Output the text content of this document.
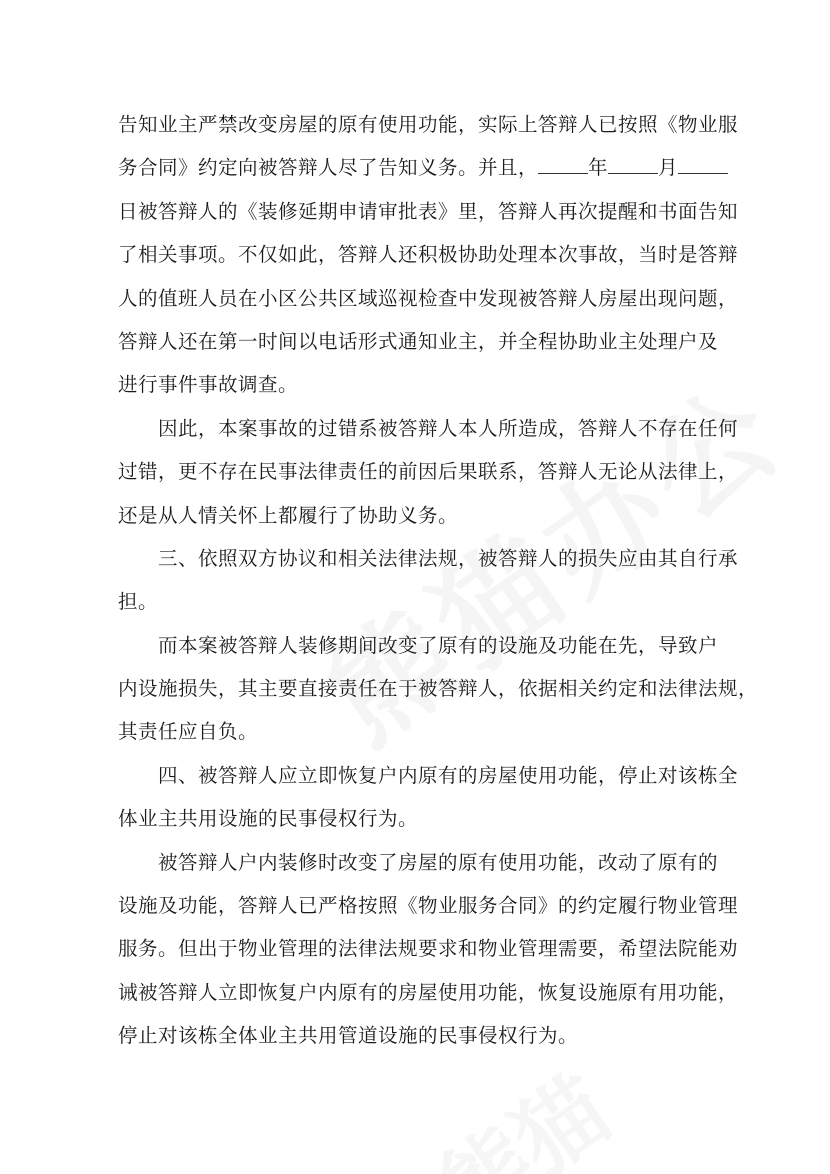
告知业主严禁改变房屋的原有使用功能，实际上答辩人已按照《物业服
务合同》约定向被答辩人尽了告知义务。并且，	年	月
日被答辩人的《装修延期申请审批表》里，答辩人再次提醒和书面告知
了相关事项。不仅如此，答辩人还积极协助处理本次事故，当时是答辩
人的值班人员在小区公共区域巡视检查中发现被答辩人房屋出现问题，
答辩人还在第一时间以电话形式通知业主，并全程协助业主处理户及
进行事件事故调查。
因此，本案事故的过错系被答辩人本人所造成，答辩人不存在任何
过错，更不存在民事法律责任的前因后果联系，答辩人无论从法律上，
还是从人情关怀上都履行了协助义务。
三、依照双方协议和相关法律法规，被答辩人的损失应由其自行承
担。
而本案被答辩人装修期间改变了原有的设施及功能在先，导致户
内设施损失，其主要直接责任在于被答辩人，依据相关约定和法律法规，
其责任应自负。
四、被答辩人应立即恢复户内原有的房屋使用功能，停止对该栋全
体业主共用设施的民事侵权行为。
被答辩人户内装修时改变了房屋的原有使用功能，改动了原有的
设施及功能，答辩人已严格按照《物业服务合同》的约定履行物业管理
服务。但出于物业管理的法律法规要求和物业管理需要，希望法院能劝
诫被答辩人立即恢复户内原有的房屋使用功能，恢复设施原有用功能，
停止对该栋全体业主共用管道设施的民事侵权行为。
